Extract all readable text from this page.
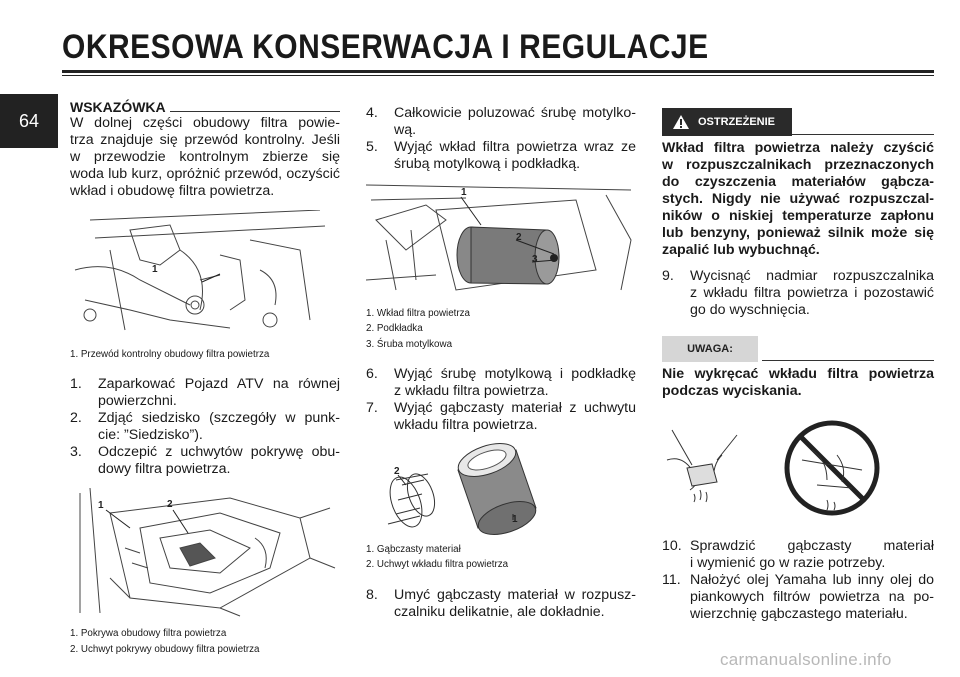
OKRESOWA KONSERWACJA I REGULACJE
64
WSKAZÓWKA
W dolnej części obudowy filtra powie-
trza znajduje się przewód kontrolny. Jeśli
w przewodzie kontrolnym zbierze się
woda lub kurz, opróżnić przewód, oczyścić
wkład i obudowę filtra powietrza.
1
1. Przewód kontrolny obudowy filtra powietrza
1.	Zaparkować Pojazd ATV na równej
powierzchni.
2.	Zdjąć siedzisko (szczegóły w punk-
cie: ”Siedzisko”).
3.	Odczepić z uchwytów pokrywę obu-
dowy filtra powietrza.
1	2
1. Pokrywa obudowy filtra powietrza
2. Uchwyt pokrywy obudowy filtra powietrza
4.	Całkowicie poluzować śrubę motylko-
wą.
5.	Wyjąć wkład filtra powietrza wraz ze
śrubą motylkową i podkładką.
1
2
3
1. Wkład filtra powietrza
2. Podkładka
3. Śruba motylkowa
6.	Wyjąć śrubę motylkową i podkładkę
z wkładu filtra powietrza.
7.	Wyjąć gąbczasty materiał z uchwytu
wkładu filtra powietrza.
2
1
1. Gąbczasty materiał
2. Uchwyt wkładu filtra powietrza
8.	Umyć gąbczasty materiał w rozpusz-
czalniku delikatnie, ale dokładnie.
OSTRZEŻENIE
Wkład filtra powietrza należy czyścić
w rozpuszczalnikach przeznaczonych
do czyszczenia materiałów gąbcza-
stych. Nigdy nie używać rozpuszczal-
ników o niskiej temperaturze zapłonu
lub benzyny, ponieważ silnik może się
zapalić lub wybuchnąć.
9.	Wycisnąć nadmiar rozpuszczalnika
z wkładu filtra powietrza i pozostawić
go do wyschnięcia.
UWAGA:
Nie wykręcać wkładu filtra powietrza
podczas wyciskania.
10. Sprawdzić gąbczasty materiał
i wymienić go w razie potrzeby.
11. Nałożyć olej Yamaha lub inny olej do
piankowych filtrów powietrza na po-
wierzchnię gąbczastego materiału.
carmanualsonline.info
